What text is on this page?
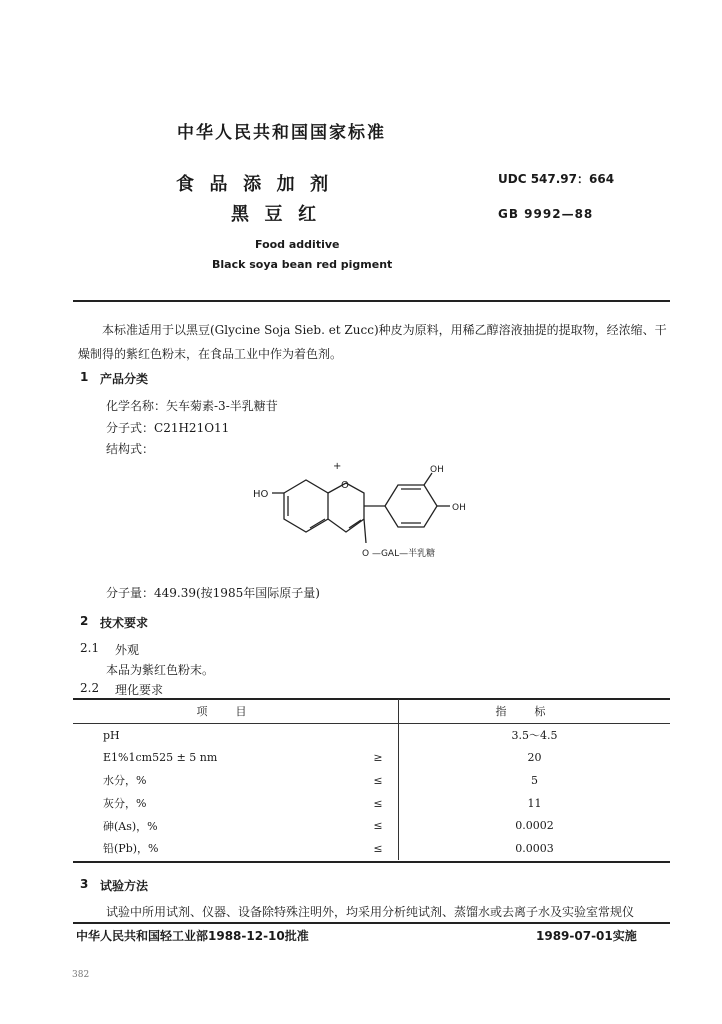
中华人民共和国国家标准
食  品  添  加  剂
黑  豆  红
UDC 547.97：664
GB 9992—88
Food additive
Black soya bean red pigment
本标准适用于以黑豆(Glycine Soja Sieb. et Zucc)种皮为原料，用稀乙醇溶液抽提的提取物，经浓缩、干燥制得的紫红色粉末，在食品工业中作为着色剂。
1 产品分类
化学名称：矢车菊素-3-半乳糖苷
分子式：C21H21O11
结构式：
HO
+
O
OH
OH
O —GAL—半乳糖
分子量：449.39(按1985年国际原子量)
2 技术要求
2.1 外观
本品为紫红色粉末。
2.2 理化要求
项目		指标
pH		3.5～4.5
E1%1cm525 ± 5 nm	≥	20
水分，%	≤	5
灰分，%	≤	11
砷(As)，%	≤	0.0002
铅(Pb)，%	≤	0.0003
3 试验方法
试验中所用试剂、仪器、设备除特殊注明外，均采用分析纯试剂、蒸馏水或去离子水及实验室常规仪
中华人民共和国轻工业部1988-12-10批准	1989-07-01实施
382
